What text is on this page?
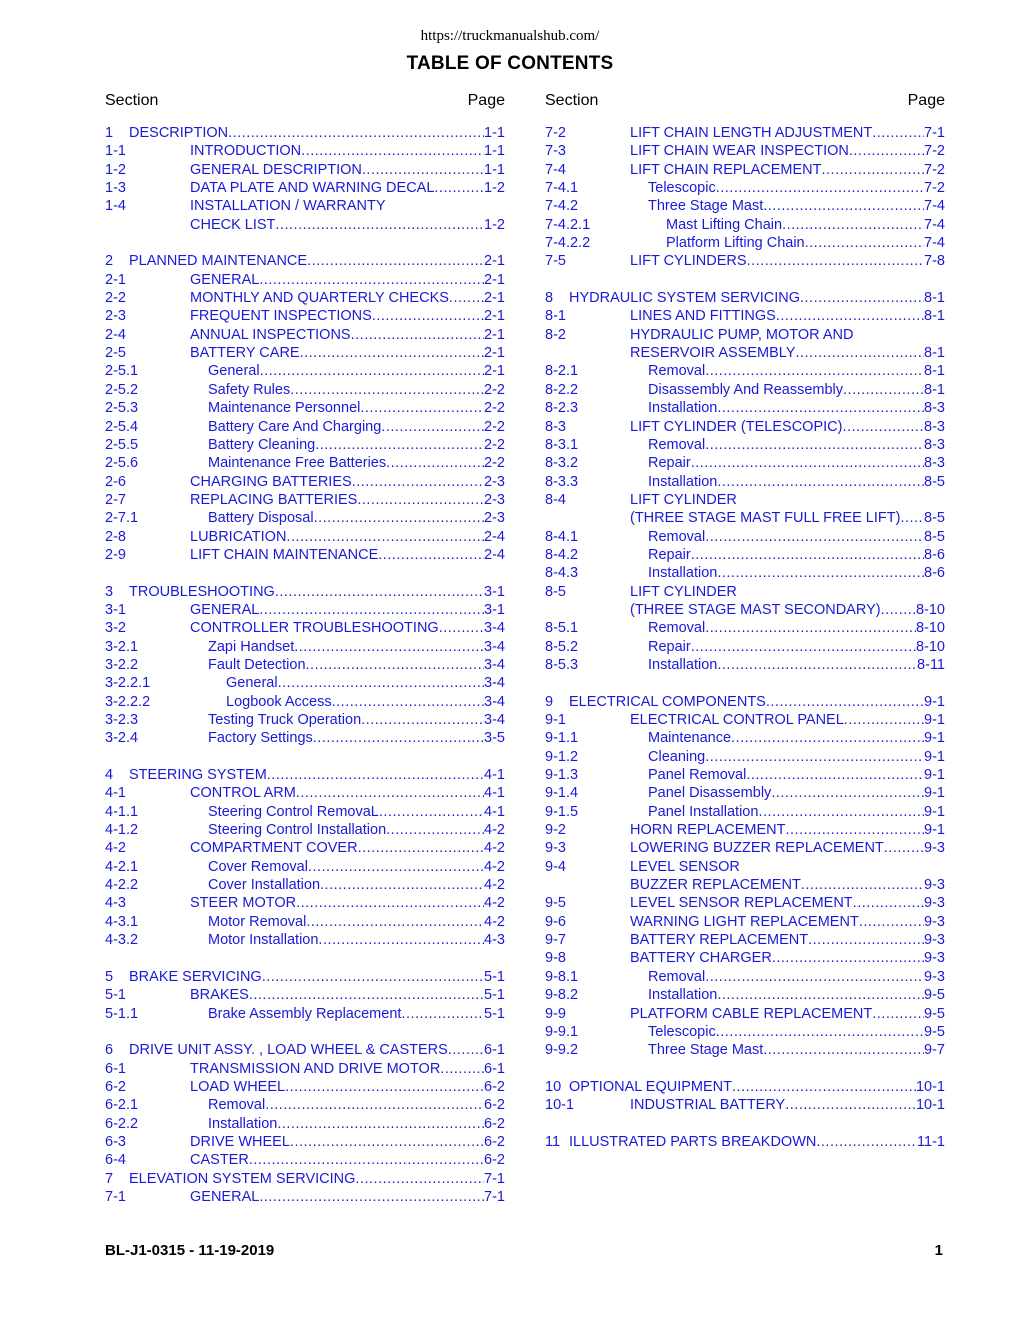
https://truckmanualshub.com/
TABLE OF CONTENTS
Section	Page
1 DESCRIPTION .....	1-1
1-1	INTRODUCTION .....	1-1
1-2	GENERAL DESCRIPTION .....	1-1
1-3	DATA PLATE AND WARNING DECAL .....	1-2
1-4	INSTALLATION / WARRANTY
CHECK LIST .....	1-2
2 PLANNED MAINTENANCE .....	2-1
2-1	GENERAL .....	2-1
2-2	MONTHLY AND QUARTERLY CHECKS ..... 2-1
2-3	FREQUENT INSPECTIONS .....	2-1
2-4	ANNUAL INSPECTIONS .....	2-1
2-5	BATTERY CARE .....	2-1
2-5.1	General .....	2-1
2-5.2	Safety Rules .....	2-2
2-5.3	Maintenance Personnel .....	2-2
2-5.4	Battery Care And Charging .....	2-2
2-5.5	Battery Cleaning .....	2-2
2-5.6	Maintenance Free Batteries .....	2-2
2-6	CHARGING BATTERIES .....	2-3
2-7	REPLACING BATTERIES .....	2-3
2-7.1	Battery Disposal .....	2-3
2-8	LUBRICATION .....	2-4
2-9	LIFT CHAIN MAINTENANCE .....	2-4
3 TROUBLESHOOTING .....	3-1
3-1	GENERAL .....	3-1
3-2	CONTROLLER TROUBLESHOOTING .....	3-4
3-2.1	Zapi Handset .....	3-4
3-2.2	Fault Detection .....	3-4
3-2.2.1	General .....	3-4
3-2.2.2	Logbook Access .....	3-4
3-2.3	Testing Truck Operation .....	3-4
3-2.4	Factory Settings .....	3-5
4 STEERING SYSTEM .....	4-1
4-1	CONTROL ARM .....	4-1
4-1.1	Steering Control RemovaL .....	4-1
4-1.2	Steering Control Installation .....	4-2
4-2	COMPARTMENT COVER .....	4-2
4-2.1	Cover Removal .....	4-2
4-2.2	Cover Installation .....	4-2
4-3	STEER MOTOR .....	4-2
4-3.1	Motor Removal .....	4-2
4-3.2	Motor Installation .....	4-3
5 BRAKE SERVICING .....	5-1
5-1	BRAKES .....	5-1
5-1.1	Brake Assembly Replacement .....	5-1
6 DRIVE UNIT ASSY. , LOAD WHEEL & CASTERS ..... 6-1
6-1	TRANSMISSION AND DRIVE MOTOR .....	6-1
6-2	LOAD WHEEL .....	6-2
6-2.1	Removal .....	6-2
6-2.2	Installation .....	6-2
6-3	DRIVE WHEEL .....	6-2
6-4	CASTER .....	6-2
7 ELEVATION SYSTEM SERVICING .....	7-1
7-1	GENERAL .....	7-1
Section	Page
7-2	LIFT CHAIN LENGTH ADJUSTMENT .....	7-1
7-3	LIFT CHAIN WEAR INSPECTION .....	7-2
7-4	LIFT CHAIN REPLACEMENT .....	7-2
7-4.1	Telescopic .....	7-2
7-4.2	Three Stage Mast .....	7-4
7-4.2.1	Mast Lifting Chain .....	7-4
7-4.2.2	Platform Lifting Chain .....	7-4
7-5	LIFT CYLINDERS .....	7-8
8 HYDRAULIC SYSTEM SERVICING .....	8-1
8-1	LINES AND FITTINGS .....	8-1
8-2	HYDRAULIC PUMP, MOTOR AND
RESERVOIR ASSEMBLY .....	8-1
8-2.1	Removal .....	8-1
8-2.2	Disassembly And Reassembly .....	8-1
8-2.3	Installation .....	8-3
8-3	LIFT CYLINDER (TELESCOPIC) .....	8-3
8-3.1	Removal .....	8-3
8-3.2	Repair .....	8-3
8-3.3	Installation .....	8-5
8-4	LIFT CYLINDER
(THREE STAGE MAST FULL FREE LIFT) ..... 8-5
8-4.1	Removal .....	8-5
8-4.2	Repair .....	8-6
8-4.3	Installation .....	8-6
8-5	LIFT CYLINDER
(THREE STAGE MAST SECONDARY) ..... 8-10
8-5.1	Removal .....	8-10
8-5.2	Repair .....	8-10
8-5.3	Installation .....	8-11
9 ELECTRICAL COMPONENTS .....	9-1
9-1	ELECTRICAL CONTROL PANEL .....	9-1
9-1.1	Maintenance .....	9-1
9-1.2	Cleaning .....	9-1
9-1.3	Panel Removal .....	9-1
9-1.4	Panel Disassembly .....	9-1
9-1.5	Panel Installation .....	9-1
9-2	HORN REPLACEMENT .....	9-1
9-3	LOWERING BUZZER REPLACEMENT .....	9-3
9-4	LEVEL SENSOR
BUZZER REPLACEMENT .....	9-3
9-5	LEVEL SENSOR REPLACEMENT .....	9-3
9-6	WARNING LIGHT REPLACEMENT .....	9-3
9-7	BATTERY REPLACEMENT .....	9-3
9-8	BATTERY CHARGER .....	9-3
9-8.1	Removal .....	9-3
9-8.2	Installation .....	9-5
9-9	PLATFORM CABLE REPLACEMENT .....	9-5
9-9.1	Telescopic .....	9-5
9-9.2	Three Stage Mast .....	9-7
10 OPTIONAL EQUIPMENT .....	10-1
10-1	INDUSTRIAL BATTERY .....	10-1
11 ILLUSTRATED PARTS BREAKDOWN .....	11-1
BL-J1-0315 - 11-19-2019	1
